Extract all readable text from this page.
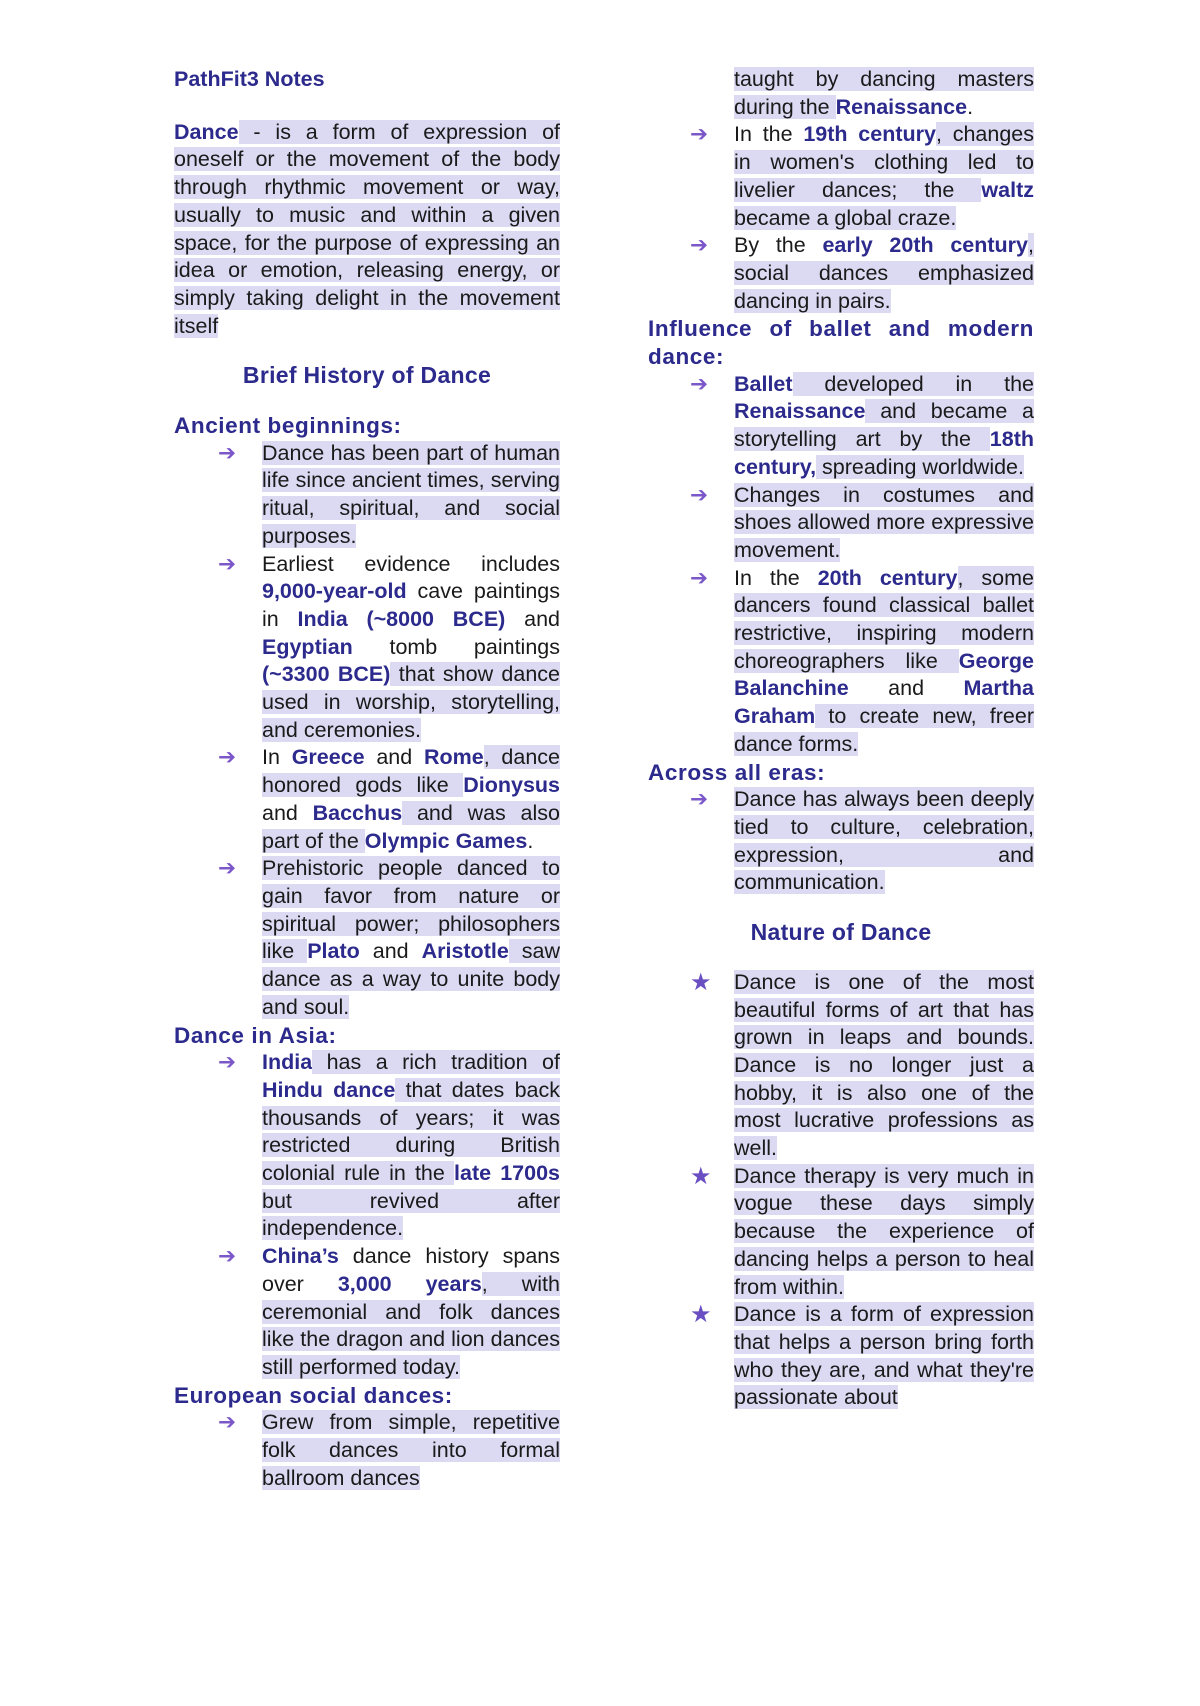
PathFit3 Notes

Dance - is a form of expression of oneself or the movement of the body through rhythmic movement or way, usually to music and within a given space, for the purpose of expressing an idea or emotion, releasing energy, or simply taking delight in the movement itself

Brief History of Dance
Ancient beginnings:
➔ Dance has been part of human life since ancient times, serving ritual, spiritual, and social purposes.
➔ Earliest evidence includes 9,000-year-old cave paintings in India (~8000 BCE) and Egyptian tomb paintings (~3300 BCE) that show dance used in worship, storytelling, and ceremonies.
➔ In Greece and Rome, dance honored gods like Dionysus and Bacchus and was also part of the Olympic Games.
➔ Prehistoric people danced to gain favor from nature or spiritual power; philosophers like Plato and Aristotle saw dance as a way to unite body and soul.
Dance in Asia:
➔ India has a rich tradition of Hindu dance that dates back thousands of years; it was restricted during British colonial rule in the late 1700s but revived after independence.
➔ China’s dance history spans over 3,000 years, with ceremonial and folk dances like the dragon and lion dances still performed today.
European social dances:
➔ Grew from simple, repetitive folk dances into formal ballroom dances
taught by dancing masters during the Renaissance.
➔ In the 19th century, changes in women's clothing led to livelier dances; the waltz became a global craze.
➔ By the early 20th century, social dances emphasized dancing in pairs.
Influence of ballet and modern dance:
➔ Ballet developed in the Renaissance and became a storytelling art by the 18th century, spreading worldwide.
➔ Changes in costumes and shoes allowed more expressive movement.
➔ In the 20th century, some dancers found classical ballet restrictive, inspiring modern choreographers like George Balanchine and Martha Graham to create new, freer dance forms.
Across all eras:
➔ Dance has always been deeply tied to culture, celebration, expression, and communication.
Nature of Dance
★ Dance is one of the most beautiful forms of art that has grown in leaps and bounds. Dance is no longer just a hobby, it is also one of the most lucrative professions as well.
★ Dance therapy is very much in vogue these days simply because the experience of dancing helps a person to heal from within.
★ Dance is a form of expression that helps a person bring forth who they are, and what they're passionate about
